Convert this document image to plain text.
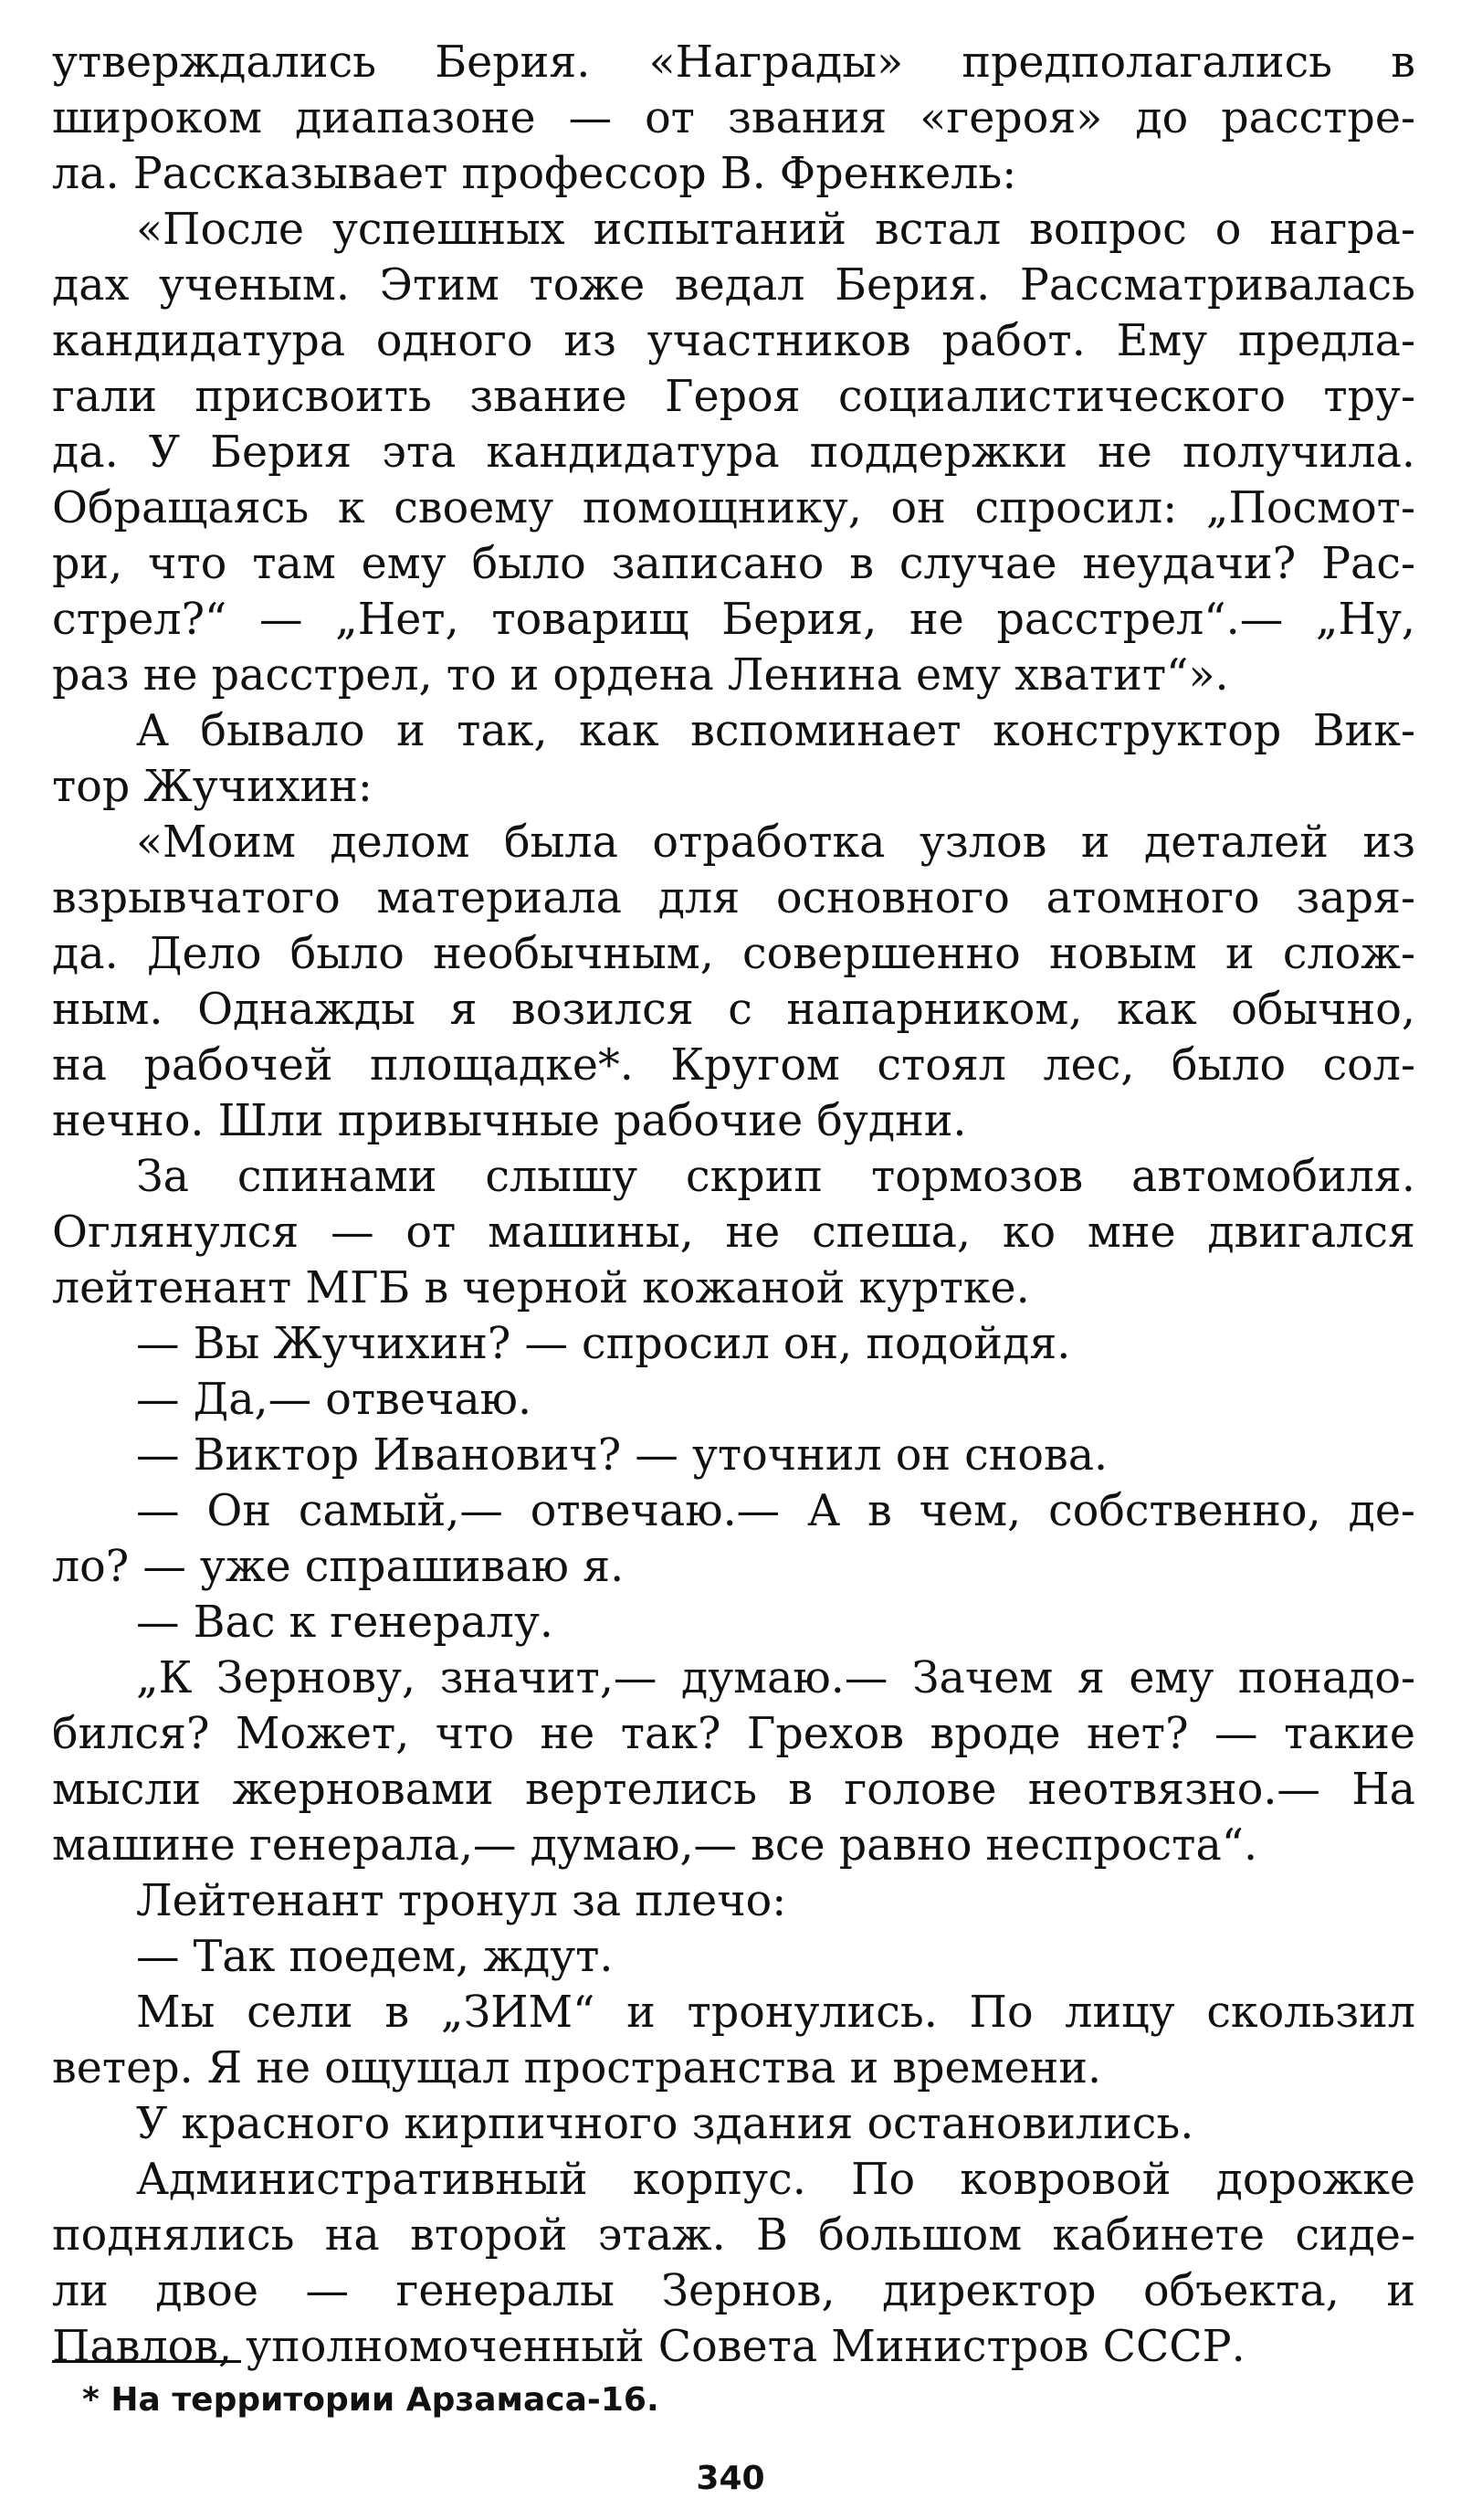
утверждались Берия. «Награды» предполагались в
широком диапазоне — от звания «героя» до расстре-
ла. Рассказывает профессор В. Френкель:
«После успешных испытаний встал вопрос о награ-
дах ученым. Этим тоже ведал Берия. Рассматривалась
кандидатура одного из участников работ. Ему предла-
гали присвоить звание Героя социалистического тру-
да. У Берия эта кандидатура поддержки не получила.
Обращаясь к своему помощнику, он спросил: „Посмот-
ри, что там ему было записано в случае неудачи? Рас-
стрел?“ — „Нет, товарищ Берия, не расстрел“.— „Ну,
раз не расстрел, то и ордена Ленина ему хватит“».
А бывало и так, как вспоминает конструктор Вик-
тор Жучихин:
«Моим делом была отработка узлов и деталей из
взрывчатого материала для основного атомного заря-
да. Дело было необычным, совершенно новым и слож-
ным. Однажды я возился с напарником, как обычно,
на рабочей площадке*. Кругом стоял лес, было сол-
нечно. Шли привычные рабочие будни.
За спинами слышу скрип тормозов автомобиля.
Оглянулся — от машины, не спеша, ко мне двигался
лейтенант МГБ в черной кожаной куртке.
— Вы Жучихин? — спросил он, подойдя.
— Да,— отвечаю.
— Виктор Иванович? — уточнил он снова.
— Он самый,— отвечаю.— А в чем, собственно, де-
ло? — уже спрашиваю я.
— Вас к генералу.
„К Зернову, значит,— думаю.— Зачем я ему понадо-
бился? Может, что не так? Грехов вроде нет? — такие
мысли жерновами вертелись в голове неотвязно.— На
машине генерала,— думаю,— все равно неспроста“.
Лейтенант тронул за плечо:
— Так поедем, ждут.
Мы сели в „ЗИМ“ и тронулись. По лицу скользил
ветер. Я не ощущал пространства и времени.
У красного кирпичного здания остановились.
Административный корпус. По ковровой дорожке
поднялись на второй этаж. В большом кабинете сиде-
ли двое — генералы Зернов, директор объекта, и
Павлов, уполномоченный Совета Министров СССР.
* На территории Арзамаса-16.
340
